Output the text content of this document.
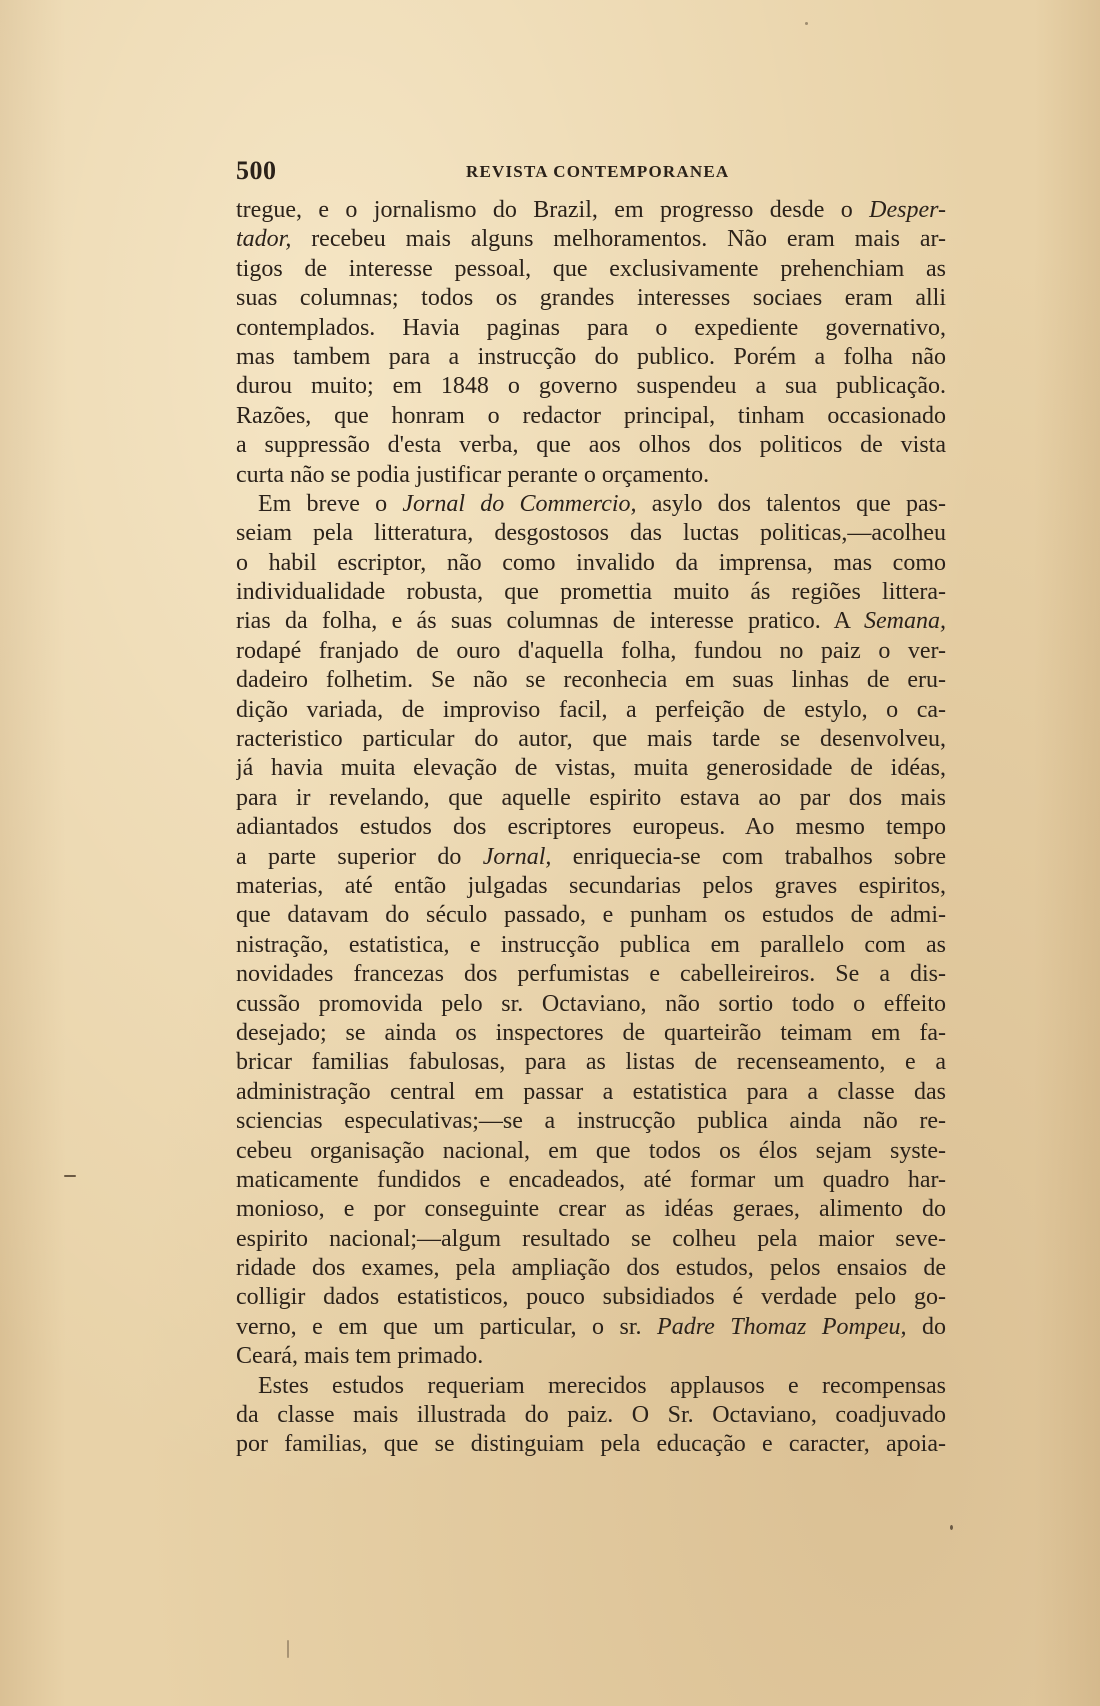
500	REVISTA CONTEMPORANEA
tregue, e o jornalismo do Brazil, em progresso desde o Desper-
tador, recebeu mais alguns melhoramentos. Não eram mais ar-
tigos de interesse pessoal, que exclusivamente prehenchiam as
suas columnas; todos os grandes interesses sociaes eram alli
contemplados. Havia paginas para o expediente governativo,
mas tambem para a instrucção do publico. Porém a folha não
durou muito; em 1848 o governo suspendeu a sua publicação.
Razões, que honram o redactor principal, tinham occasionado
a suppressão d'esta verba, que aos olhos dos politicos de vista
curta não se podia justificar perante o orçamento.
Em breve o Jornal do Commercio, asylo dos talentos que pas-
seiam pela litteratura, desgostosos das luctas politicas,—acolheu
o habil escriptor, não como invalido da imprensa, mas como
individualidade robusta, que promettia muito ás regiões littera-
rias da folha, e ás suas columnas de interesse pratico. A Semana,
rodapé franjado de ouro d'aquella folha, fundou no paiz o ver-
dadeiro folhetim. Se não se reconhecia em suas linhas de eru-
dição variada, de improviso facil, a perfeição de estylo, o ca-
racteristico particular do autor, que mais tarde se desenvolveu,
já havia muita elevação de vistas, muita generosidade de idéas,
para ir revelando, que aquelle espirito estava ao par dos mais
adiantados estudos dos escriptores europeus. Ao mesmo tempo
a parte superior do Jornal, enriquecia-se com trabalhos sobre
materias, até então julgadas secundarias pelos graves espiritos,
que datavam do século passado, e punham os estudos de admi-
nistração, estatistica, e instrucção publica em parallelo com as
novidades francezas dos perfumistas e cabelleireiros. Se a dis-
cussão promovida pelo sr. Octaviano, não sortio todo o effeito
desejado; se ainda os inspectores de quarteirão teimam em fa-
bricar familias fabulosas, para as listas de recenseamento, e a
administração central em passar a estatistica para a classe das
sciencias especulativas;—se a instrucção publica ainda não re-
cebeu organisação nacional, em que todos os élos sejam syste-
maticamente fundidos e encadeados, até formar um quadro har-
monioso, e por conseguinte crear as idéas geraes, alimento do
espirito nacional;—algum resultado se colheu pela maior seve-
ridade dos exames, pela ampliação dos estudos, pelos ensaios de
colligir dados estatisticos, pouco subsidiados é verdade pelo go-
verno, e em que um particular, o sr. Padre Thomaz Pompeu, do
Ceará, mais tem primado.
Estes estudos requeriam merecidos applausos e recompensas
da classe mais illustrada do paiz. O Sr. Octaviano, coadjuvado
por familias, que se distinguiam pela educação e caracter, apoia-
